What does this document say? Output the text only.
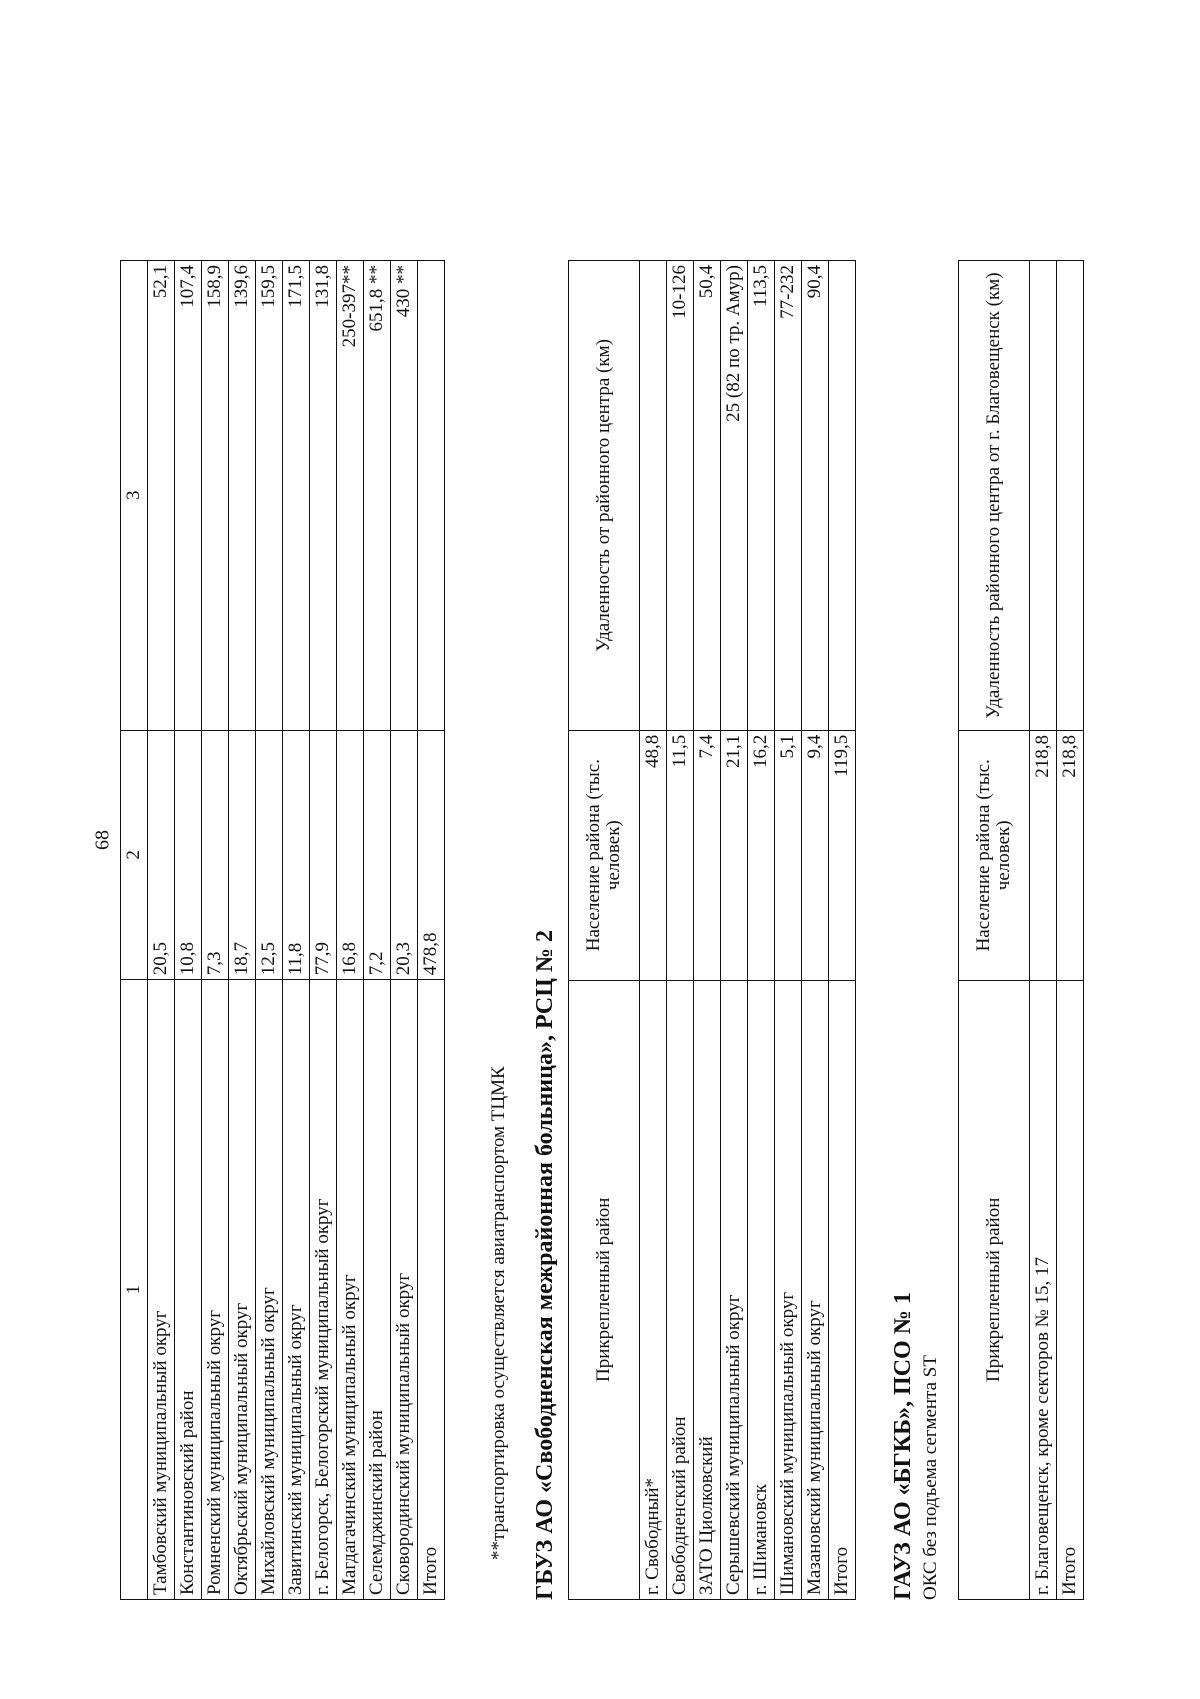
68
1	2	3
Тамбовский муниципальный округ	20,5	52,1
Константиновский район	10,8	107,4
Ромненский муниципальный округ	7,3	158,9
Октябрьский муниципальный округ	18,7	139,6
Михайловский муниципальный округ	12,5	159,5
Завитинский муниципальный округ	11,8	171,5
г. Белогорск, Белогорский муниципальный округ	77,9	131,8
Магдагачинский муниципальный округ	16,8	250-397**
Селемджинский район	7,2	651,8 **
Сковородинский муниципальный округ	20,3	430 **
Итого	478,8	
**транспортировка осуществляется авиатранспортом ТЦМК ГБУЗ АО «Свободненская межрайонная больница», РСЦ № 2 Прикрепленный район	Население района (тыс. человек)	Удаленность от районного центра (км)
г. Свободный*	48,8	
Свободненский район	11,5	10-126
ЗАТО Циолковский	7,4	50,4
Серышевский муниципальный округ	21,1	25 (82 по тр. Амур)
г. Шимановск	16,2	113,5
Шимановский муниципальный округ	5,1	77-232
Мазановский муниципальный округ	9,4	90,4
Итого	119,5	
ГАУЗ АО «БГКБ», ПСО № 1 ОКС без подъема сегмента ST
Прикрепленный район	Население района (тыс. человек)	Удаленность районного центра от г. Благовещенск (км)
г. Благовещенск, кроме секторов № 15, 17	218,8	
Итого	218,8	
